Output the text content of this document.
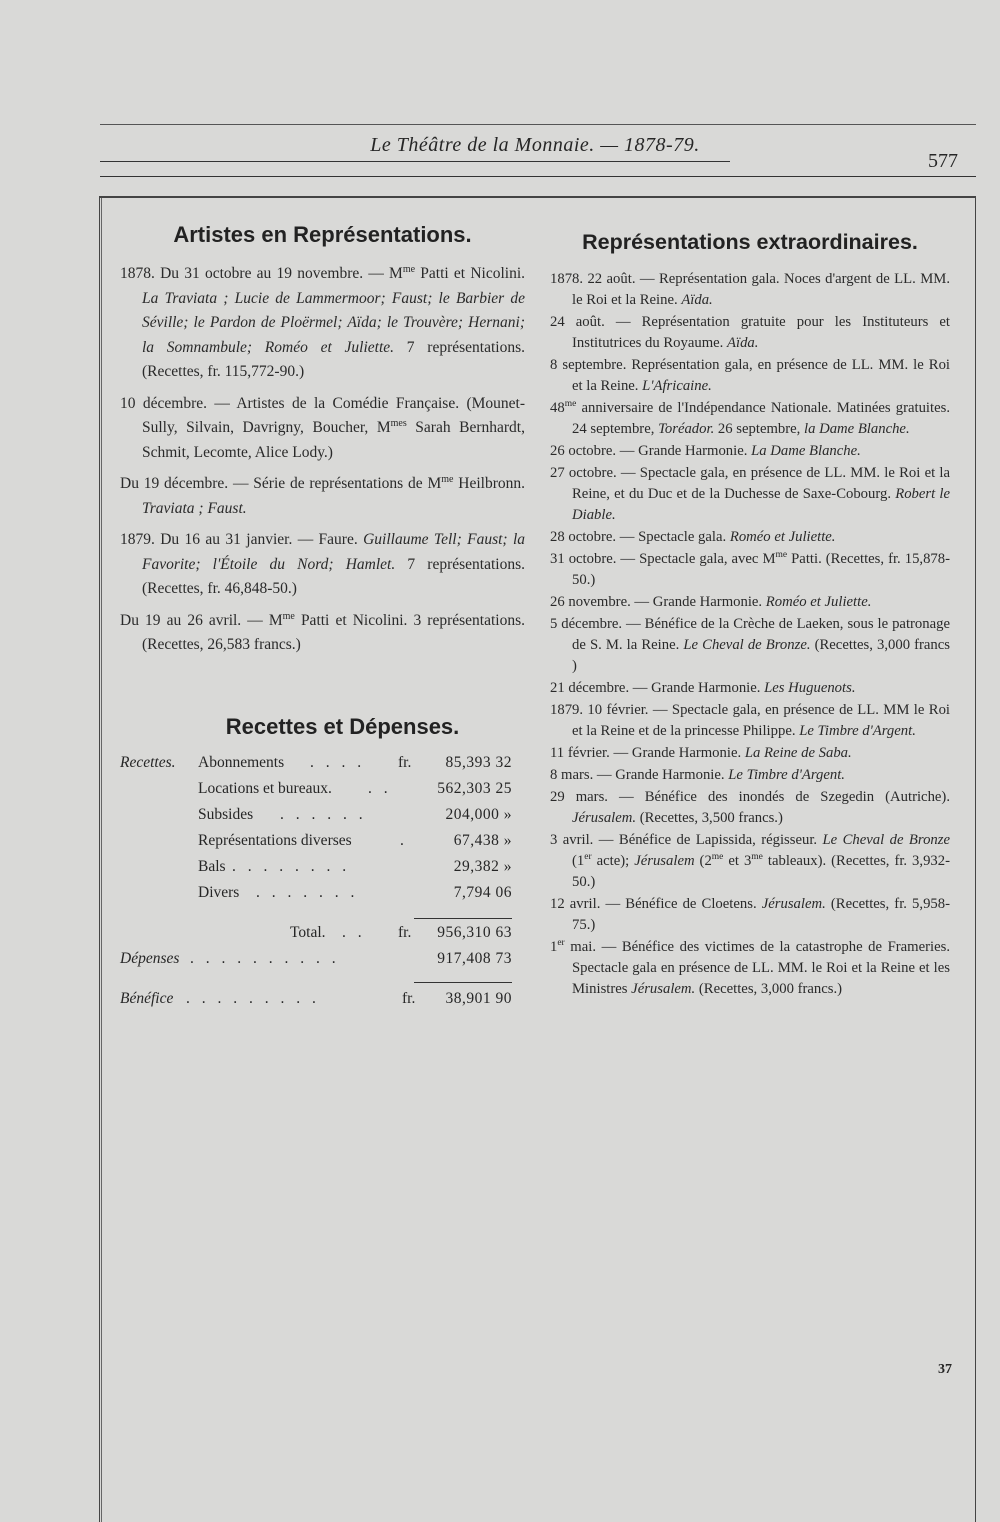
Le Théâtre de la Monnaie. — 1878-79.
577
Artistes en Représentations.

1878. Du 31 octobre au 19 novembre. — $M^{me}$ Patti et Nicolini. La Traviata ; Lucie de Lammermoor; Faust; le Barbier de Séville; le Pardon de Ploërmel; Aïda; le Trouvère; Hernani; la Somnambule; Roméo et Juliette. 7 représentations. (Recettes, fr. 115,772-90.)

10 décembre. — Artistes de la Comédie Française. (Mounet-Sully, Silvain, Davrigny, Boucher, $M^{mes}$ Sarah Bernhardt, Schmit, Lecomte, Alice Lody.)

Du 19 décembre. — Série de représentations de $M^{me}$ Heilbronn. Traviata ; Faust.

1879. Du 16 au 31 janvier. — Faure. Guillaume Tell; Faust; la Favorite; l'Étoile du Nord; Hamlet. 7 représentations. (Recettes, fr. 46,848-50.)

Du 19 au 26 avril. — $M^{me}$ Patti et Nicolini. 3 représentations. (Recettes, 26,583 francs.)

Recettes et Dépenses.
Recettes. Abonnements . . . . fr. 85,393 32
Locations et bureaux. . .	562,303 25
Subsides . . . . . .	204,000 »
Représentations diverses	.	67,438 »
Bals . . . . . . . .	29,382 »
Divers . . . . . . .	7,794 06
Total. . . fr. 956,310 63
Dépenses . . . . . . . . . .	917,408 73
Bénéfice . . . . . . . . .	fr. 38,901 90
Représentations extraordinaires.

1878. 22 août. — Représentation gala. Noces d'argent de LL. MM. le Roi et la Reine. Aïda.

24 août. — Représentation gratuite pour les Instituteurs et Institutrices du Royaume. Aïda.

8 septembre. Représentation gala, en présence de LL. MM. le Roi et la Reine. L'Africaine.

$48^{me}$ anniversaire de l'Indépendance Nationale. Matinées gratuites. 24 septembre, Toréador. 26 septembre, la Dame Blanche.

26 octobre. — Grande Harmonie. La Dame Blanche.

27 octobre. — Spectacle gala, en présence de LL. MM. le Roi et la Reine, et du Duc et de la Duchesse de Saxe-Cobourg. Robert le Diable.

28 octobre. — Spectacle gala. Roméo et Juliette.

31 octobre. — Spectacle gala, avec $M^{me}$ Patti. (Recettes, fr. 15,878-50.)

26 novembre. — Grande Harmonie. Roméo et Juliette.

5 décembre. — Bénéfice de la Crèche de Laeken, sous le patronage de S. M. la Reine. Le Cheval de Bronze. (Recettes, 3,000 francs )

21 décembre. — Grande Harmonie. Les Huguenots.

1879. 10 février. — Spectacle gala, en présence de LL. MM le Roi et la Reine et de la princesse Philippe. Le Timbre d'Argent.

11 février. — Grande Harmonie. La Reine de Saba.

8 mars. — Grande Harmonie. Le Timbre d'Argent.

29 mars. — Bénéfice des inondés de Szegedin (Autriche). Jérusalem. (Recettes, 3,500 francs.)

3 avril. — Bénéfice de Lapissida, régisseur. Le Cheval de Bronze (1er acte); Jérusalem ($2^{me}$ et $3^{me}$ tableaux). (Recettes, fr. 3,932-50.)

12 avril. — Bénéfice de Cloetens. Jérusalem. (Recettes, fr. 5,958-75.)

1er mai. — Bénéfice des victimes de la catastrophe de Frameries. Spectacle gala en présence de LL. MM. le Roi et la Reine et les Ministres Jérusalem. (Recettes, 3,000 francs.)

37
